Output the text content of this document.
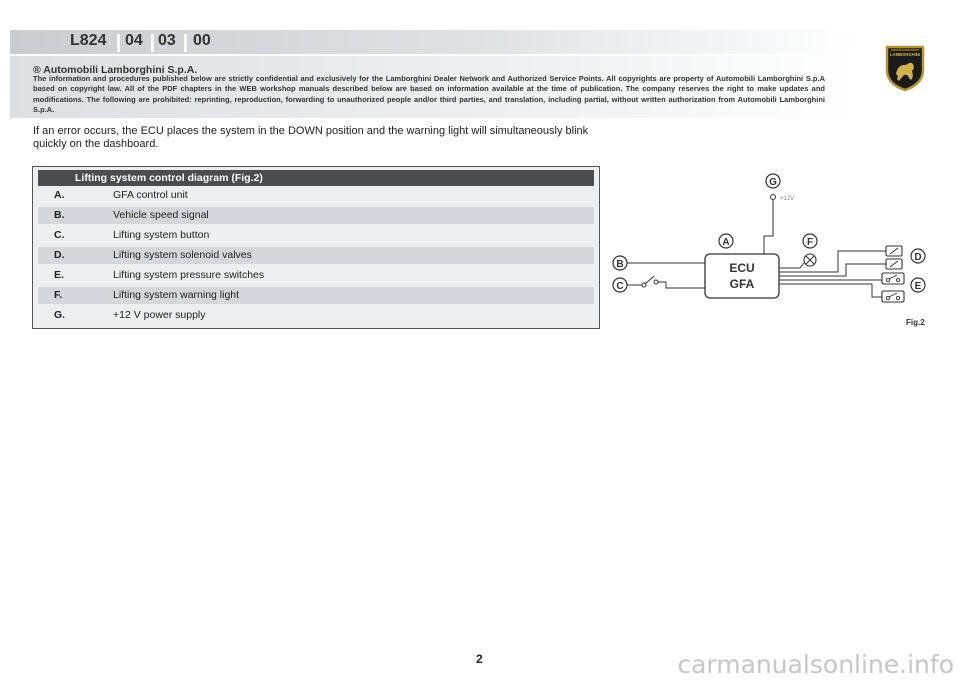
L824 04 03 00
LAMBORGHINI
® Automobili Lamborghini S.p.A.
The information and procedures published below are strictly confidential and exclusively for the Lamborghini Dealer Network and Authorized Service Points. All copyrights are property of Automobili Lamborghini S.p.A based on copyright law. All of the PDF chapters in the WEB workshop manuals described below are based on information available at the time of publication. The company reserves the right to make updates and modifications. The following are prohibited: reprinting, reproduction, forwarding to unauthorized people and/or third parties, and translation, including partial, without written authorization from Automobili Lamborghini S.p.A.
If an error occurs, the ECU places the system in the DOWN position and the warning light will simultaneously blink quickly on the dashboard.
Lifting system control diagram (Fig.2)
A.	GFA control unit
B.	Vehicle speed signal
C.	Lifting system button
D.	Lifting system solenoid valves
E.	Lifting system pressure switches
F.	Lifting system warning light
G.	+12 V power supply
ECU
GFA
G
+12V
A	F
B
C
D
E
Fig.2
2	carmanualsonline.info
